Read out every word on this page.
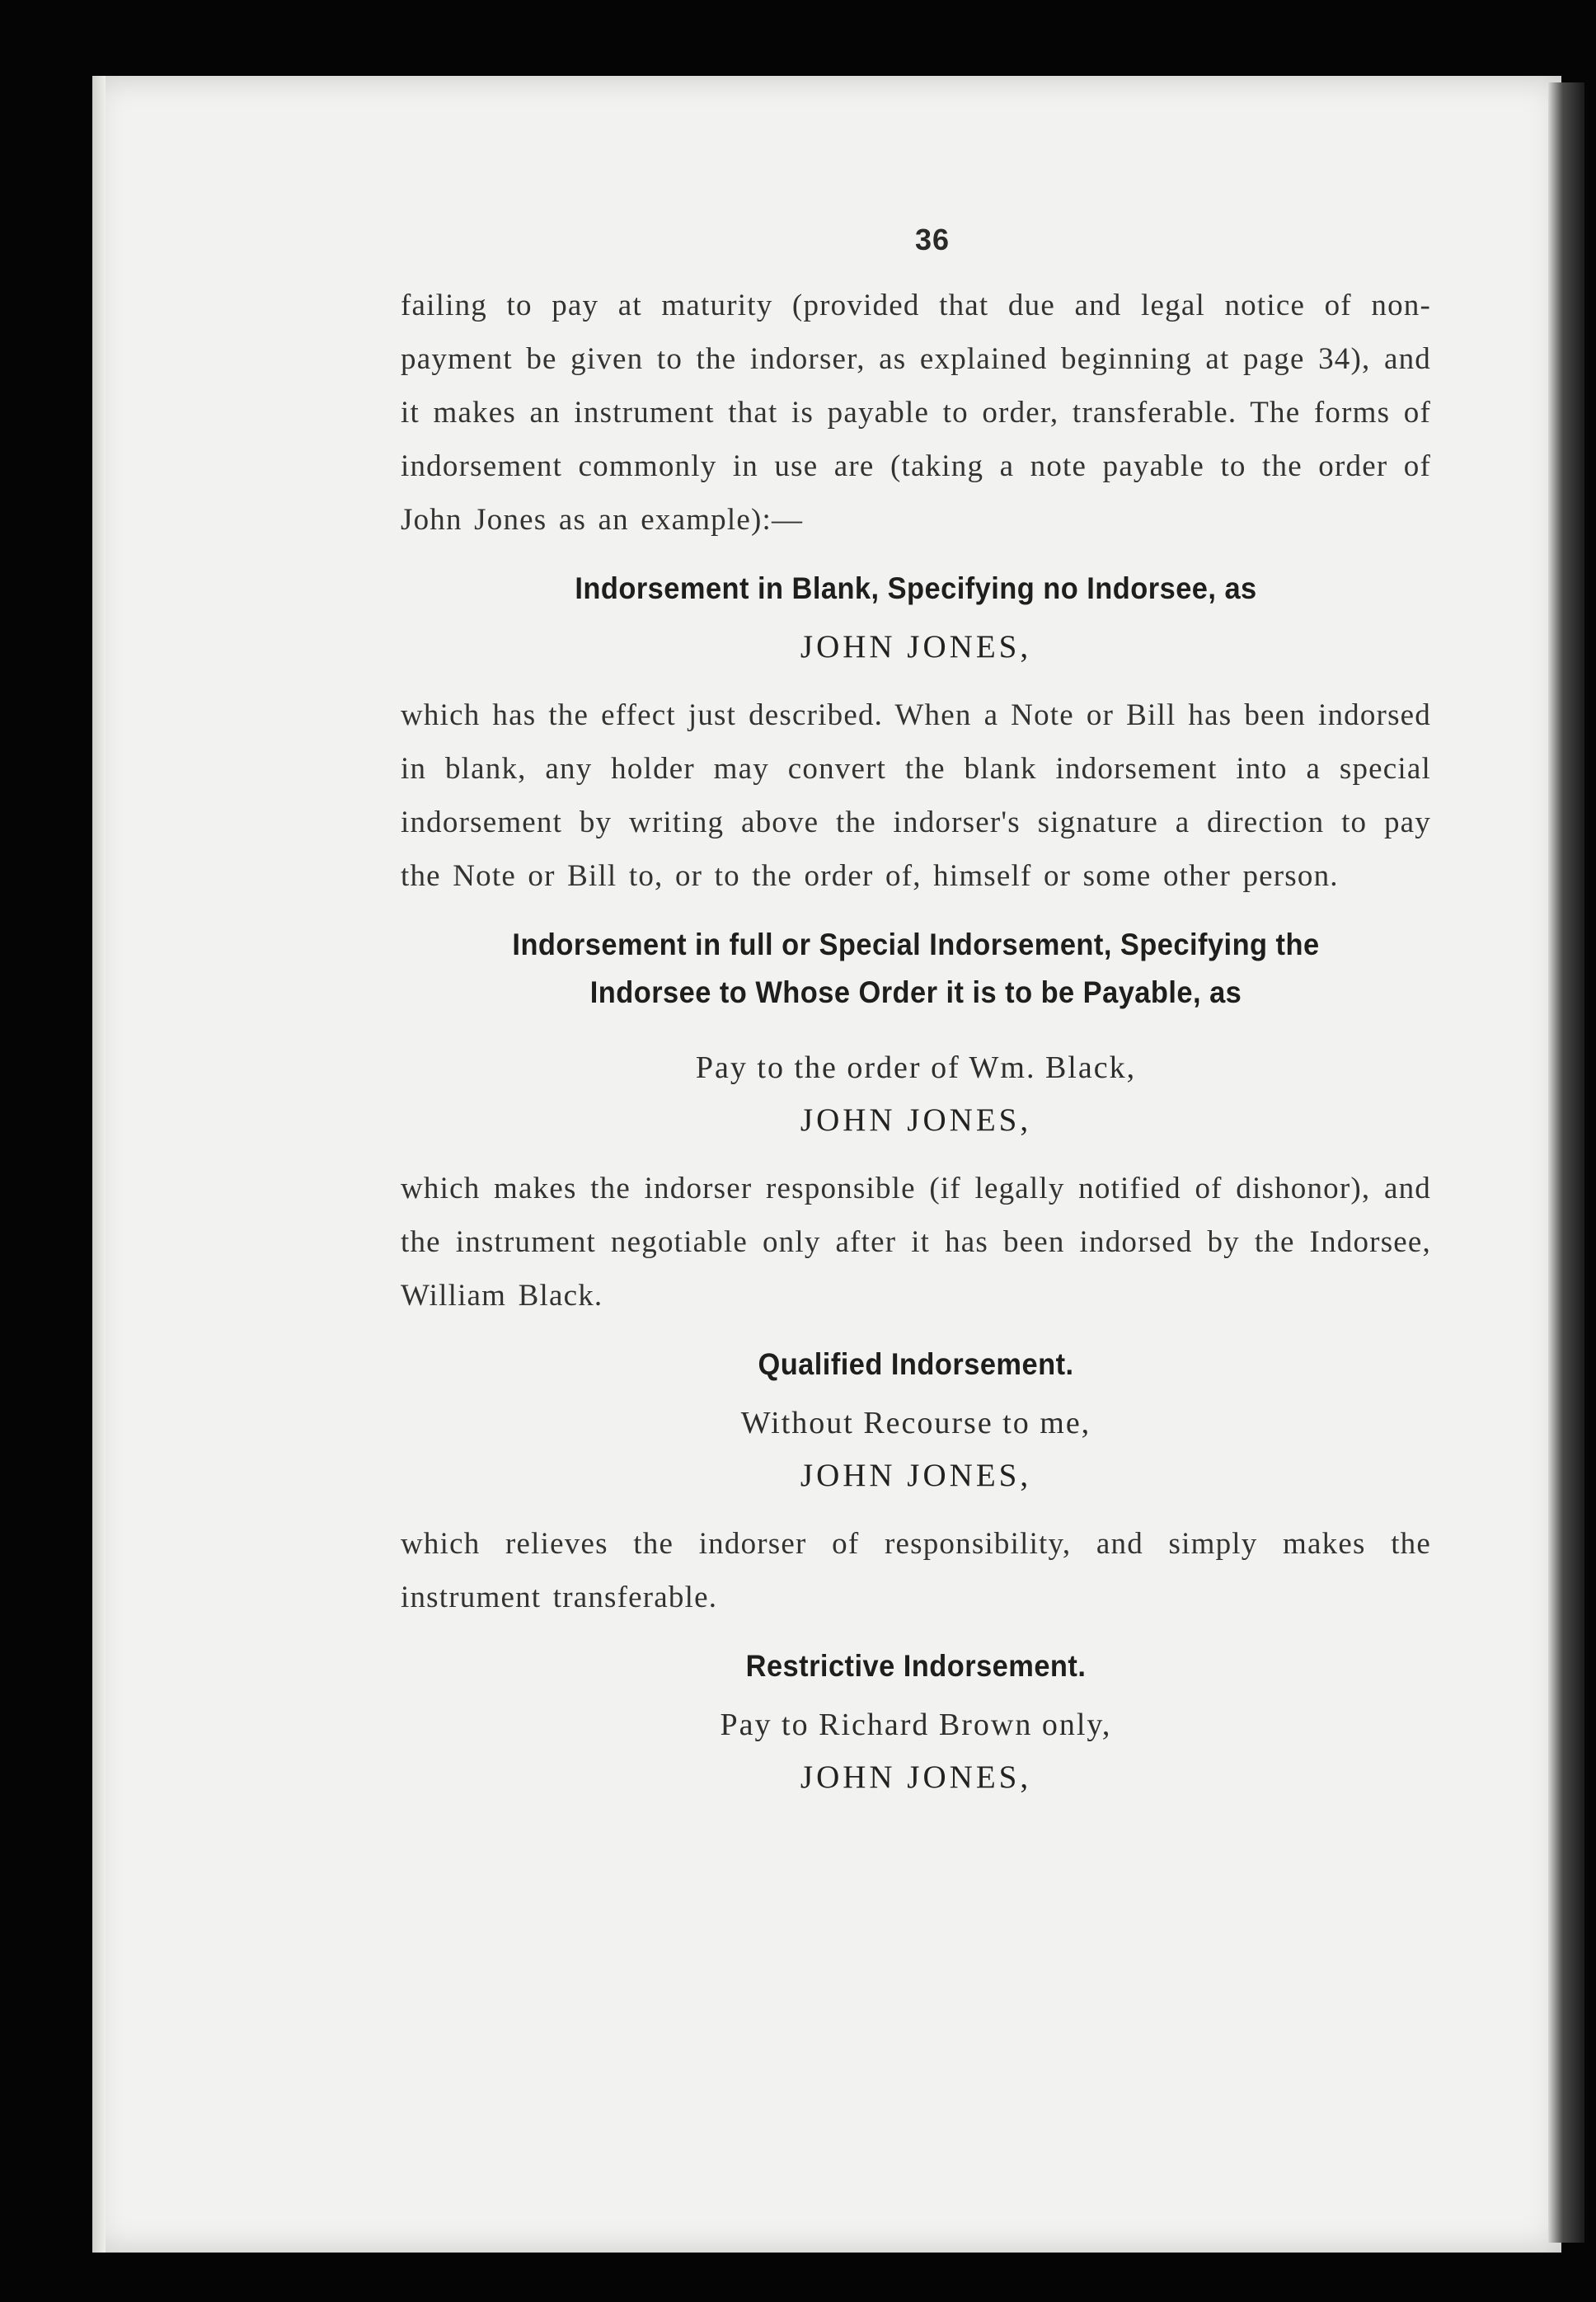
36

failing to pay at maturity (provided that due and legal notice of non-payment be given to the indorser, as explained beginning at page 34), and it makes an instrument that is payable to order, transferable. The forms of indorsement commonly in use are (taking a note payable to the order of John Jones as an example):—

Indorsement in Blank, Specifying no Indorsee, as
JOHN JONES,

which has the effect just described. When a Note or Bill has been indorsed in blank, any holder may convert the blank indorsement into a special indorsement by writing above the indorser's signature a direction to pay the Note or Bill to, or to the order of, himself or some other person.

Indorsement in full or Special Indorsement, Specifying the
Indorsee to Whose Order it is to be Payable, as
Pay to the order of Wm. Black,
JOHN JONES,

which makes the indorser responsible (if legally notified of dishonor), and the instrument negotiable only after it has been indorsed by the Indorsee, William Black.

Qualified Indorsement.
Without Recourse to me,
JOHN JONES,

which relieves the indorser of responsibility, and simply makes the instrument transferable.

Restrictive Indorsement.
Pay to Richard Brown only,
JOHN JONES,
